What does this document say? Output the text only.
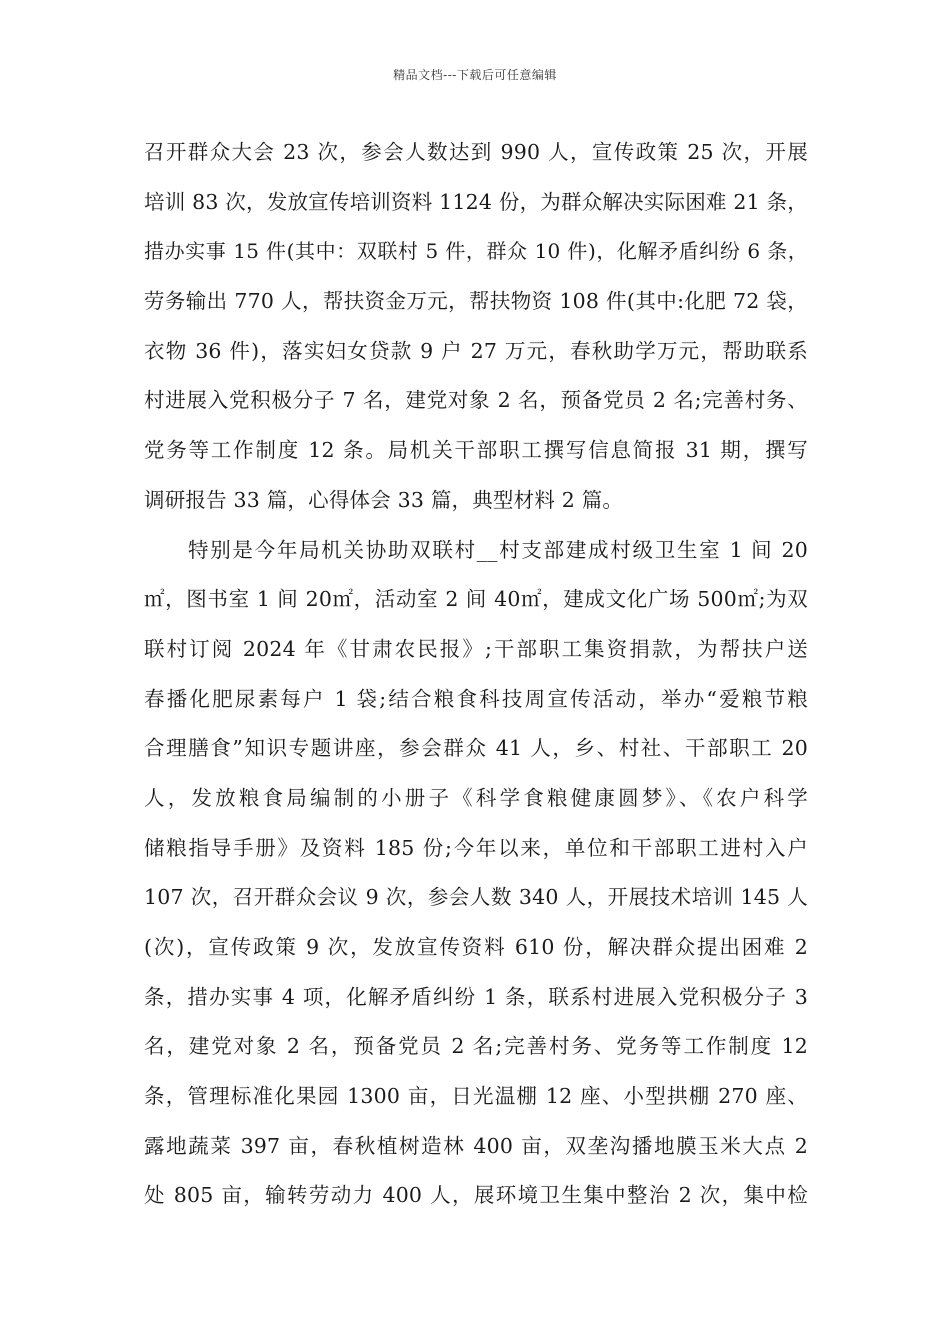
精品文档---下载后可任意编辑
召开群众大会 23 次，参会人数达到 990 人，宣传政策 25 次，开展
培训 83 次，发放宣传培训资料 1124 份，为群众解决实际困难 21 条，
措办实事 15 件(其中：双联村 5 件，群众 10 件)，化解矛盾纠纷 6 条，
劳务输出 770 人，帮扶资金万元，帮扶物资 108 件(其中:化肥 72 袋，
衣物 36 件)，落实妇女贷款 9 户 27 万元，春秋助学万元，帮助联系
村进展入党积极分子 7 名，建党对象 2 名，预备党员 2 名;完善村务、
党务等工作制度 12 条。局机关干部职工撰写信息简报 31 期，撰写
调研报告 33 篇，心得体会 33 篇，典型材料 2 篇。
特别是今年局机关协助双联村__村支部建成村级卫生室 1 间 20
㎡，图书室 1 间 20㎡，活动室 2 间 40㎡，建成文化广场 500㎡;为双
联村订阅 2024 年《甘肃农民报》;干部职工集资捐款，为帮扶户送
春播化肥尿素每户 1 袋;结合粮食科技周宣传活动，举办“爱粮节粮
合理膳食”知识专题讲座，参会群众 41 人，乡、村社、干部职工 20
人，发放粮食局编制的小册子《科学食粮健康圆梦》、《农户科学
储粮指导手册》及资料 185 份;今年以来，单位和干部职工进村入户
107 次，召开群众会议 9 次，参会人数 340 人，开展技术培训 145 人
(次)，宣传政策 9 次，发放宣传资料 610 份，解决群众提出困难 2
条，措办实事 4 项，化解矛盾纠纷 1 条，联系村进展入党积极分子 3
名，建党对象 2 名，预备党员 2 名;完善村务、党务等工作制度 12
条，管理标准化果园 1300 亩，日光温棚 12 座、小型拱棚 270 座、
露地蔬菜 397 亩，春秋植树造林 400 亩，双垄沟播地膜玉米大点 2
处 805 亩，输转劳动力 400 人，展环境卫生集中整治 2 次，集中检
